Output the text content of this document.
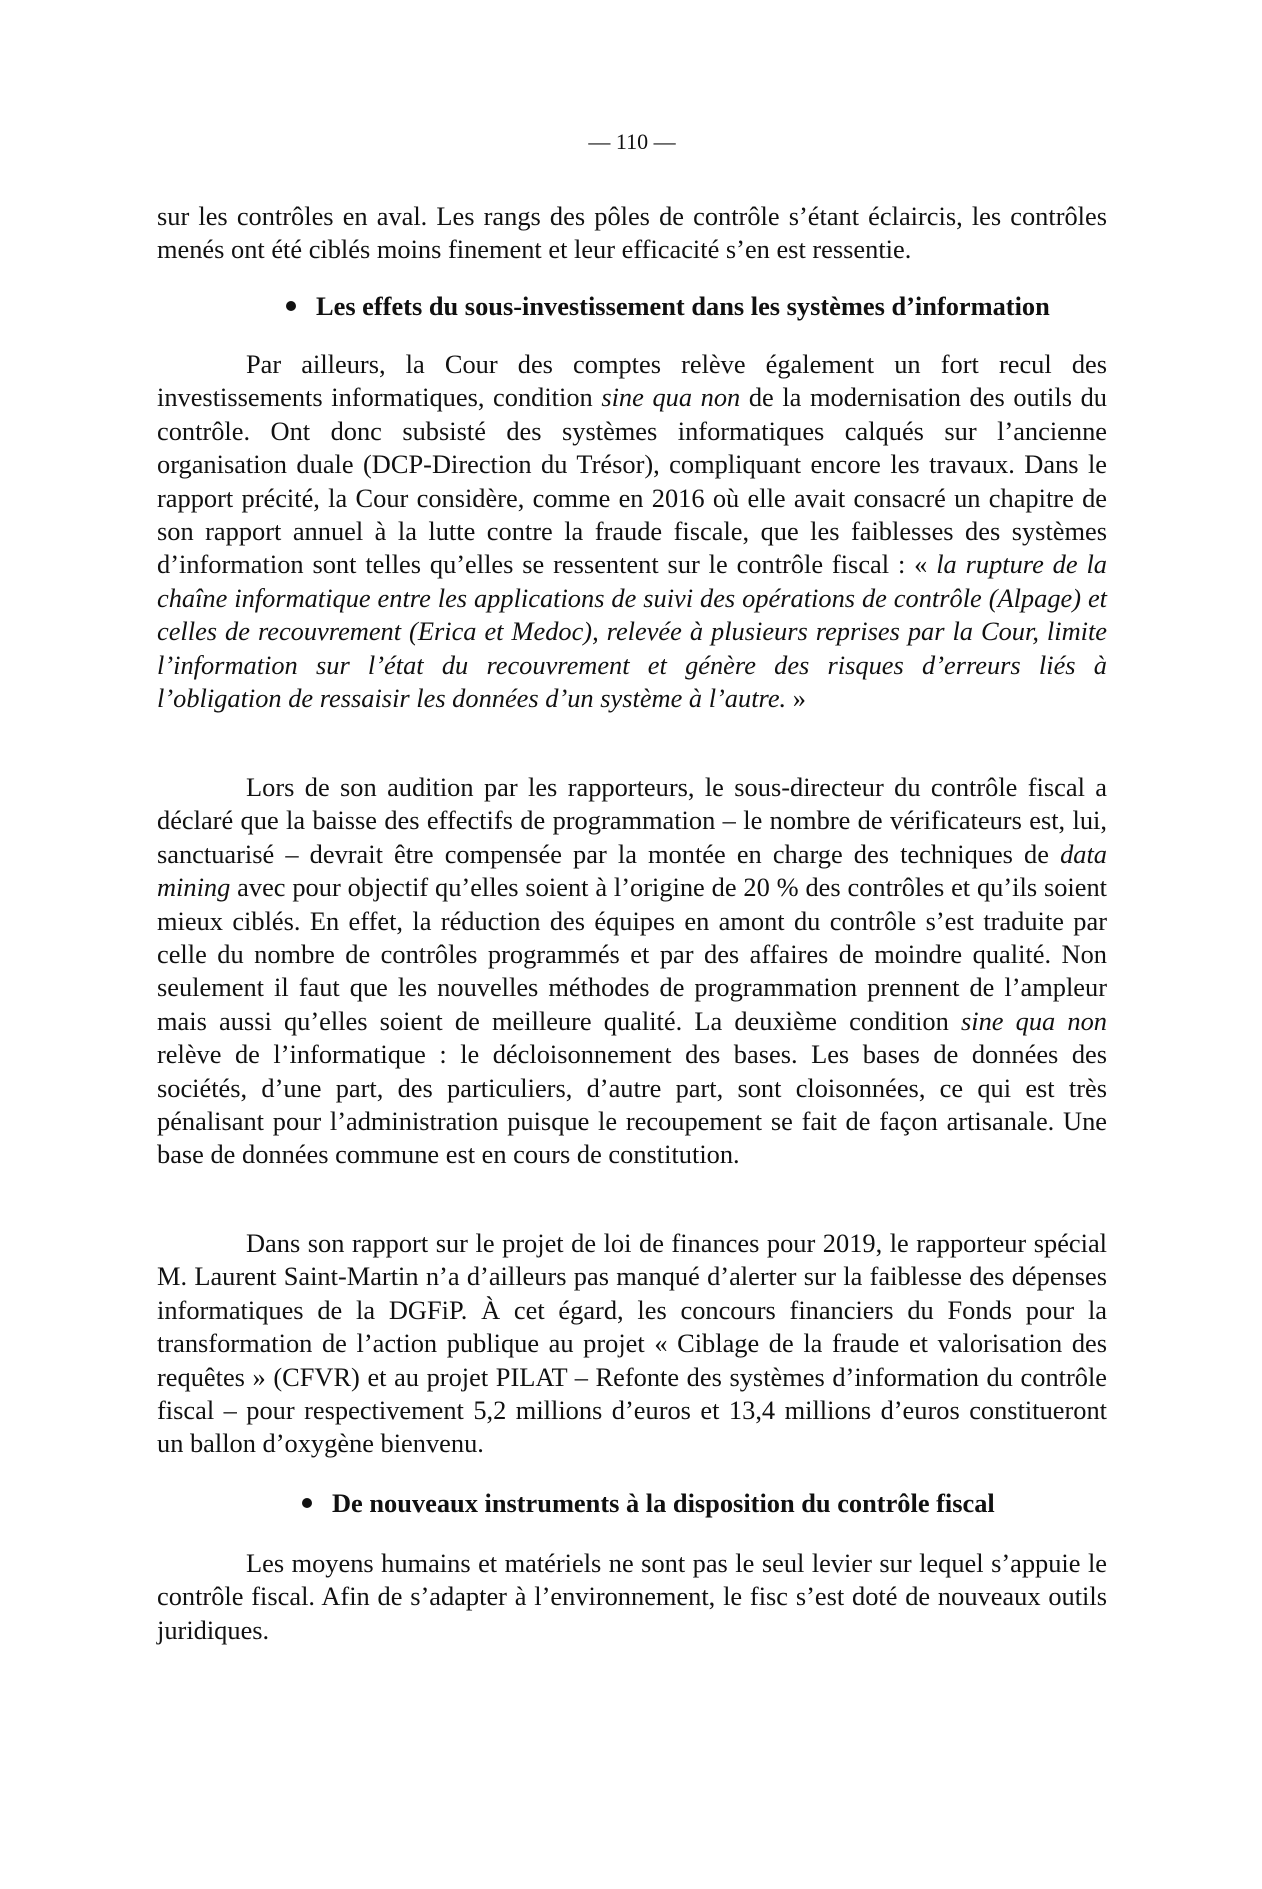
— 110 —

sur les contrôles en aval. Les rangs des pôles de contrôle s’étant éclaircis, les contrôles menés ont été ciblés moins finement et leur efficacité s’en est ressentie.

Les effets du sous-investissement dans les systèmes d’information

Par ailleurs, la Cour des comptes relève également un fort recul des investissements informatiques, condition sine qua non de la modernisation des outils du contrôle. Ont donc subsisté des systèmes informatiques calqués sur l’ancienne organisation duale (DCP-Direction du Trésor), compliquant encore les travaux. Dans le rapport précité, la Cour considère, comme en 2016 où elle avait consacré un chapitre de son rapport annuel à la lutte contre la fraude fiscale, que les faiblesses des systèmes d’information sont telles qu’elles se ressentent sur le contrôle fiscal : « la rupture de la chaîne informatique entre les applications de suivi des opérations de contrôle (Alpage) et celles de recouvrement (Erica et Medoc), relevée à plusieurs reprises par la Cour, limite l’information sur l’état du recouvrement et génère des risques d’erreurs liés à l’obligation de ressaisir les données d’un système à l’autre. »

Lors de son audition par les rapporteurs, le sous-directeur du contrôle fiscal a déclaré que la baisse des effectifs de programmation – le nombre de vérificateurs est, lui, sanctuarisé – devrait être compensée par la montée en charge des techniques de data mining avec pour objectif qu’elles soient à l’origine de 20 % des contrôles et qu’ils soient mieux ciblés. En effet, la réduction des équipes en amont du contrôle s’est traduite par celle du nombre de contrôles programmés et par des affaires de moindre qualité. Non seulement il faut que les nouvelles méthodes de programmation prennent de l’ampleur mais aussi qu’elles soient de meilleure qualité. La deuxième condition sine qua non relève de l’informatique : le décloisonnement des bases. Les bases de données des sociétés, d’une part, des particuliers, d’autre part, sont cloisonnées, ce qui est très pénalisant pour l’administration puisque le recoupement se fait de façon artisanale. Une base de données commune est en cours de constitution.

Dans son rapport sur le projet de loi de finances pour 2019, le rapporteur spécial M. Laurent Saint-Martin n’a d’ailleurs pas manqué d’alerter sur la faiblesse des dépenses informatiques de la DGFiP. À cet égard, les concours financiers du Fonds pour la transformation de l’action publique au projet « Ciblage de la fraude et valorisation des requêtes » (CFVR) et au projet PILAT – Refonte des systèmes d’information du contrôle fiscal – pour respectivement 5,2 millions d’euros et 13,4 millions d’euros constitueront un ballon d’oxygène bienvenu.

De nouveaux instruments à la disposition du contrôle fiscal

Les moyens humains et matériels ne sont pas le seul levier sur lequel s’appuie le contrôle fiscal. Afin de s’adapter à l’environnement, le fisc s’est doté de nouveaux outils juridiques.
